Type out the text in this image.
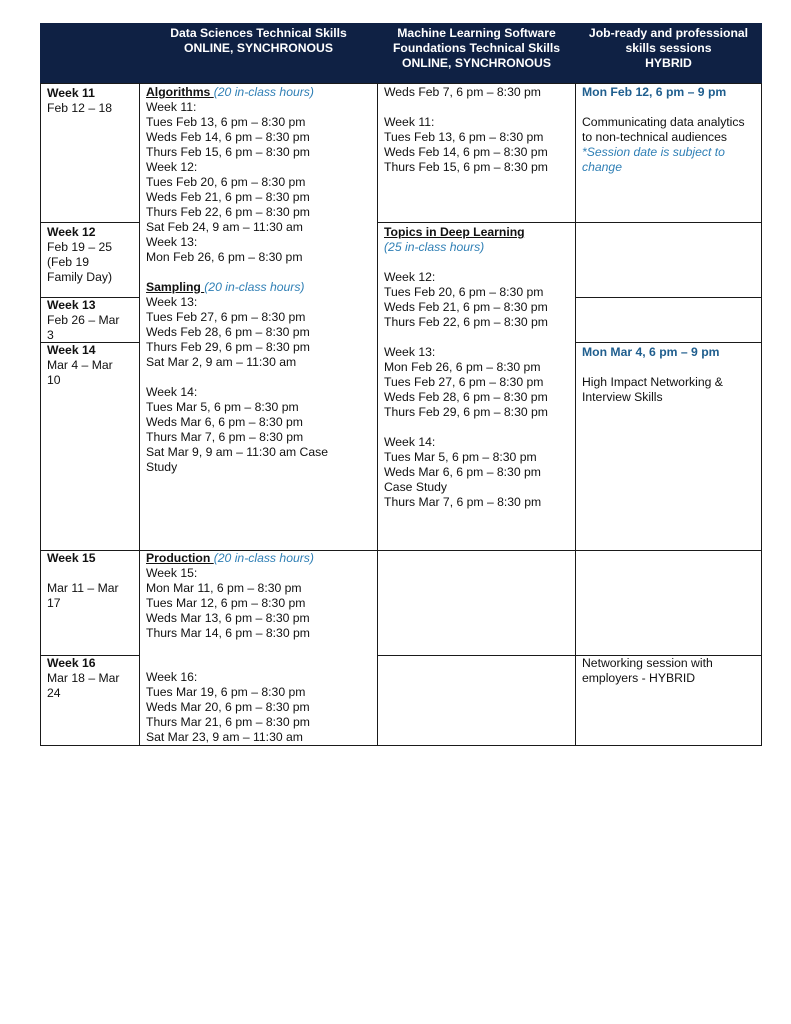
Data Sciences Technical Skills
ONLINE, SYNCHRONOUS
Machine Learning Software
Foundations Technical Skills
ONLINE, SYNCHRONOUS
Job-ready and professional
skills sessions
HYBRID
Week 11
Feb 12 – 18
Week 12
Feb 19 – 25
(Feb 19
Family Day)
Week 13
Feb 26 – Mar
3
Week 14
Mar 4 – Mar
10
Week 15
Mar 11 – Mar
17
Week 16
Mar 18 – Mar
24
Algorithms (20 in-class hours)
Week 11:
Tues Feb 13, 6 pm – 8:30 pm
Weds Feb 14, 6 pm – 8:30 pm
Thurs Feb 15, 6 pm – 8:30 pm
Week 12:
Tues Feb 20, 6 pm – 8:30 pm
Weds Feb 21, 6 pm – 8:30 pm
Thurs Feb 22, 6 pm – 8:30 pm
Sat Feb 24, 9 am – 11:30 am
Week 13:
Mon Feb 26, 6 pm – 8:30 pm
Sampling (20 in-class hours)
Week 13:
Tues Feb 27, 6 pm – 8:30 pm
Weds Feb 28, 6 pm – 8:30 pm
Thurs Feb 29, 6 pm – 8:30 pm
Sat Mar 2, 9 am – 11:30 am
Week 14:
Tues Mar 5, 6 pm – 8:30 pm
Weds Mar 6, 6 pm – 8:30 pm
Thurs Mar 7, 6 pm – 8:30 pm
Sat Mar 9, 9 am – 11:30 am Case
Study
Production (20 in-class hours)
Week 15:
Mon Mar 11, 6 pm – 8:30 pm
Tues Mar 12, 6 pm – 8:30 pm
Weds Mar 13, 6 pm – 8:30 pm
Thurs Mar 14, 6 pm – 8:30 pm
Week 16:
Tues Mar 19, 6 pm – 8:30 pm
Weds Mar 20, 6 pm – 8:30 pm
Thurs Mar 21, 6 pm – 8:30 pm
Sat Mar 23, 9 am – 11:30 am
Weds Feb 7, 6 pm – 8:30 pm
Week 11:
Tues Feb 13, 6 pm – 8:30 pm
Weds Feb 14, 6 pm – 8:30 pm
Thurs Feb 15, 6 pm – 8:30 pm
Topics in Deep Learning
(25 in-class hours)
Week 12:
Tues Feb 20, 6 pm – 8:30 pm
Weds Feb 21, 6 pm – 8:30 pm
Thurs Feb 22, 6 pm – 8:30 pm
Week 13:
Mon Feb 26, 6 pm – 8:30 pm
Tues Feb 27, 6 pm – 8:30 pm
Weds Feb 28, 6 pm – 8:30 pm
Thurs Feb 29, 6 pm – 8:30 pm
Week 14:
Tues Mar 5, 6 pm – 8:30 pm
Weds Mar 6, 6 pm – 8:30 pm
Case Study
Thurs Mar 7, 6 pm – 8:30 pm
Mon Feb 12, 6 pm – 9 pm
Communicating data analytics to non-technical audiences
*Session date is subject to change
Mon Mar 4, 6 pm – 9 pm
High Impact Networking & Interview Skills
Networking session with employers - HYBRID
